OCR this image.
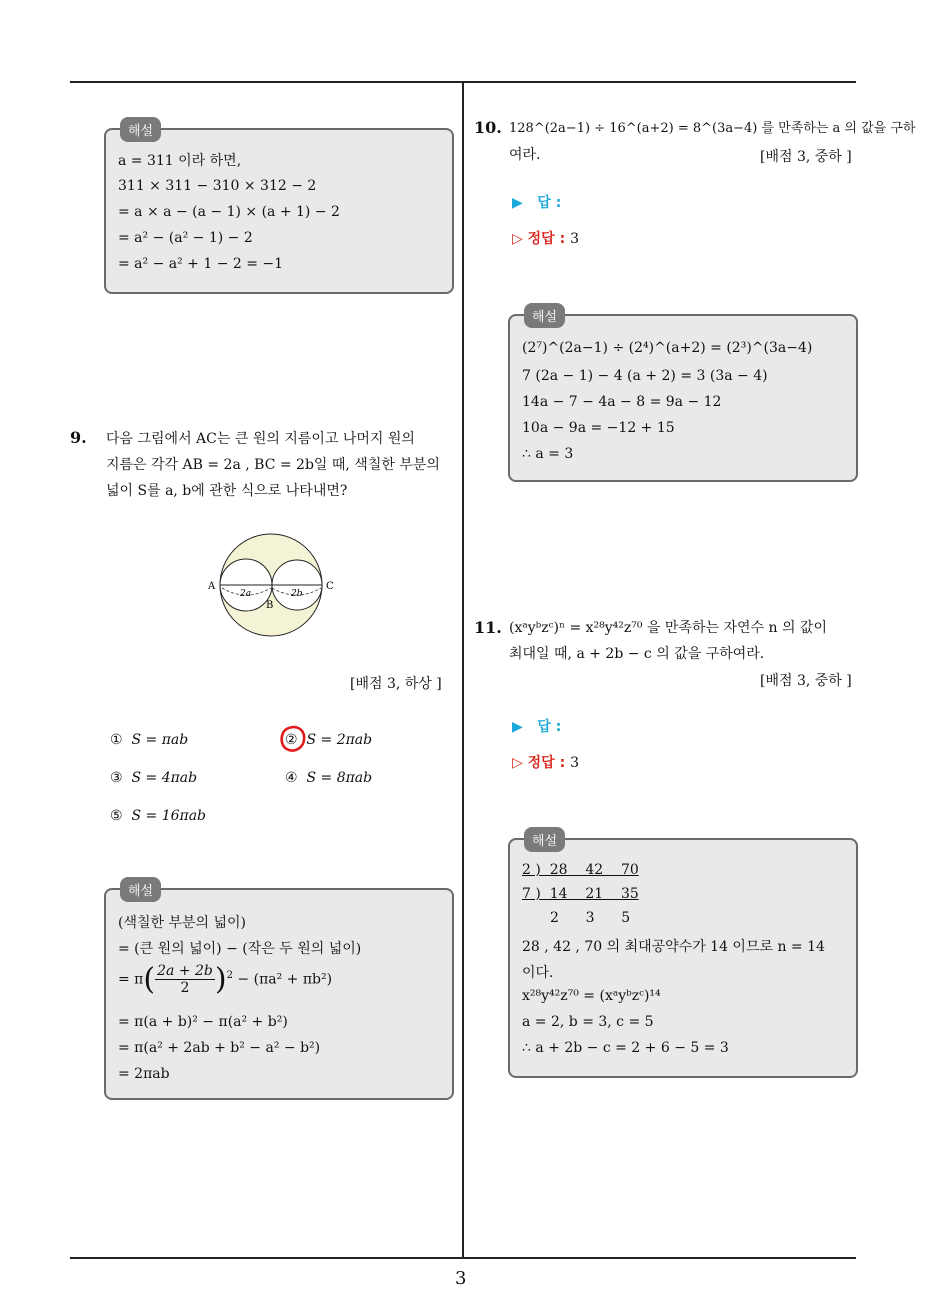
3
해설
a = 311 이라 하면,
311 × 311 − 310 × 312 − 2
= a × a − (a − 1) × (a + 1) − 2
= a² − (a² − 1) − 2
= a² − a² + 1 − 2 = −1
9. 다음 그림에서 AC는 큰 원의 지름이고 나머지 원의
지름은 각각 AB = 2a , BC = 2b일 때, 색칠한 부분의
넓이 S를 a, b에 관한 식으로 나타내면?
A
B
C
2a	2b
[배점 3, 하상 ]
① S = πab	② S = 2πab
③ S = 4πab	④ S = 8πab
⑤ S = 16πab
해설
(색칠한 부분의 넓이)
= (큰 원의 넓이) − (작은 두 원의 넓이)
= $\pi( \frac{2a + 2b}{2} )^2 - (\pi a^2 + \pi b^2)$
= π(a + b)² − π(a² + b²)
= π(a² + 2ab + b² − a² − b²)
= 2πab
10. 128^(2a−1) ÷ 16^(a+2) = 8^(3a−4) 를 만족하는 a 의 값을 구하
여라.	[배점 3, 중하 ]
▶ 답 :
▷ 정답 : 3
해설
(2⁷)^(2a−1) ÷ (2⁴)^(a+2) = (2³)^(3a−4)
7 (2a − 1) − 4 (a + 2) = 3 (3a − 4)
14a − 7 − 4a − 8 = 9a − 12
10a − 9a = −12 + 15
∴ a = 3
11. (xᵃyᵇzᶜ)ⁿ = x²⁸y⁴²z⁷⁰ 을 만족하는 자연수 n 의 값이
최대일 때, a + 2b − c 의 값을 구하여라.
[배점 3, 중하 ]
▶ 답 :
▷ 정답 : 3
해설
2 )  28    42    70
7 )  14    21    35
2      3      5
28 , 42 , 70 의 최대공약수가 14 이므로 n = 14
이다.
x²⁸y⁴²z⁷⁰ = (xᵃyᵇzᶜ)¹⁴
a = 2, b = 3, c = 5
∴ a + 2b − c = 2 + 6 − 5 = 3
